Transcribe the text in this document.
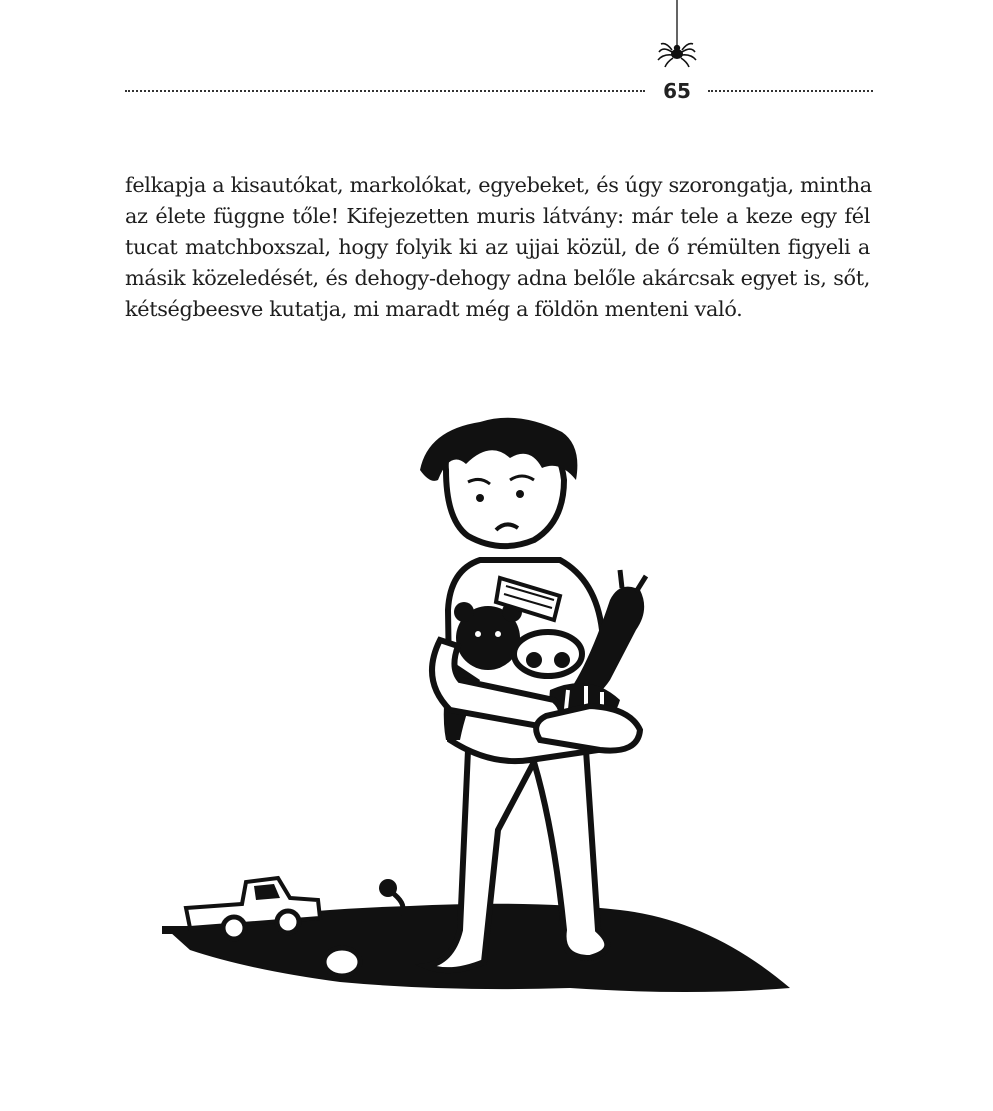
65
felkapja a kisautókat, markolókat, egyebeket, és úgy szorongatja, mintha
az élete függne tőle! Kifejezetten muris látvány: már tele a keze egy fél
tucat matchboxszal, hogy folyik ki az ujjai közül, de ő rémülten figyeli a
másik közeledését, és dehogy-dehogy adna belőle akárcsak egyet is, sőt,
kétségbeesve kutatja, mi maradt még a földön menteni való.
